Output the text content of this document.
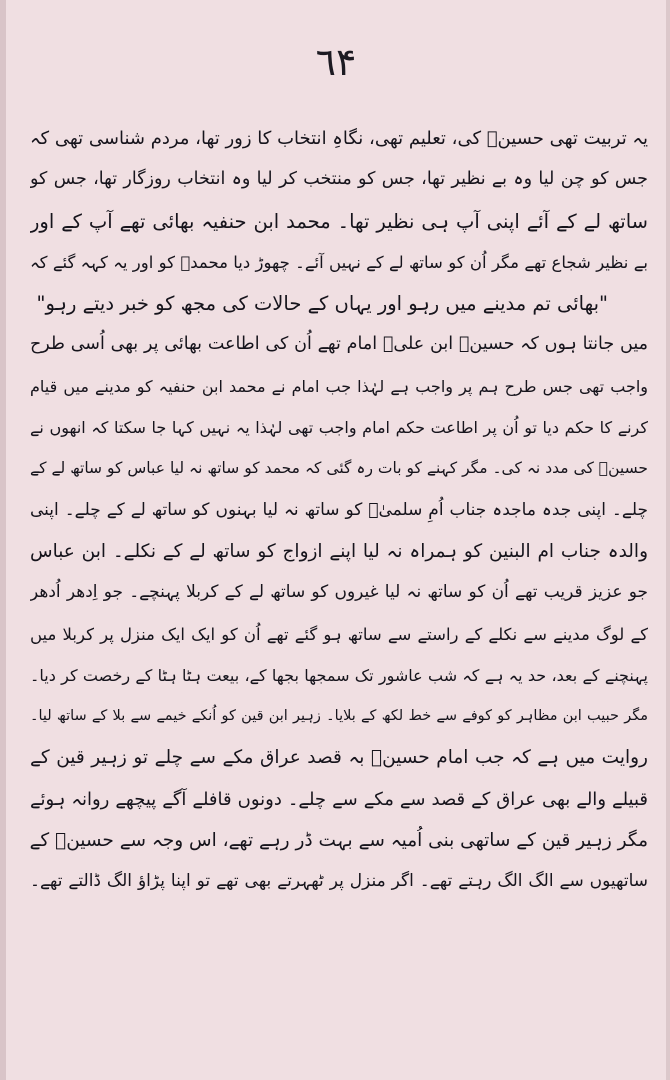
٦۴
یہ تربیت تھی حسینؑ کی، تعلیم تھی، نگاہِ انتخاب کا زور تھا، مردم شناسی تھی کہ
جس کو چن لیا وہ بے نظیر تھا، جس کو منتخب کر لیا وہ انتخاب روزگار تھا، جس کو
ساتھ لے کے آئے اپنی آپ ہی نظیر تھا۔ محمد ابن حنفیہ بھائی تھے آپ کے اور
بے نظیر شجاع تھے مگر اُن کو ساتھ لے کے نہیں آئے۔ چھوڑ دیا محمدؐ کو اور یہ کہہ گئے کہ
"بھائی تم مدینے میں رہو اور یہاں کے حالات کی مجھ کو خبر دیتے رہو"
میں جانتا ہوں کہ حسینؑ ابن علیؑ امام تھے اُن کی اطاعت بھائی پر بھی اُسی طرح
واجب تھی جس طرح ہم پر واجب ہے لہٰذا جب امام نے محمد ابن حنفیہ کو مدینے میں قیام
کرنے کا حکم دیا تو اُن پر اطاعت حکم امام واجب تھی لہٰذا یہ نہیں کہا جا سکتا کہ انھوں نے
حسینؑ کی مدد نہ کی۔ مگر کہنے کو بات رہ گئی کہ محمد کو ساتھ نہ لیا عباس کو ساتھ لے کے
چلے۔ اپنی جدہ ماجدہ جناب اُمِ سلمیٰؑ کو ساتھ نہ لیا بہنوں کو ساتھ لے کے چلے۔ اپنی
والدہ جناب ام البنین کو ہمراہ نہ لیا اپنے ازواج کو ساتھ لے کے نکلے۔ ابن عباس
جو عزیز قریب تھے اُن کو ساتھ نہ لیا غیروں کو ساتھ لے کے کربلا پہنچے۔ جو اِدھر اُدھر
کے لوگ مدینے سے نکلے کے راستے سے ساتھ ہو گئے تھے اُن کو ایک ایک منزل پر کربلا میں
پہنچنے کے بعد، حد یہ ہے کہ شب عاشور تک سمجھا بجھا کے، بیعت ہٹا ہٹا کے رخصت کر دیا۔
مگر حبیب ابن مظاہر کو کوفے سے خط لکھ کے بلایا۔ زہیر ابن قین کو اُنکے خیمے سے بلا کے ساتھ لیا۔
روایت میں ہے کہ جب امام حسینؑ بہ قصد عراق مکے سے چلے تو زہیر قین کے
قبیلے والے بھی عراق کے قصد سے مکے سے چلے۔ دونوں قافلے آگے پیچھے روانہ ہوئے
مگر زہیر قین کے ساتھی بنی اُمیہ سے بہت ڈر رہے تھے، اس وجہ سے حسینؑ کے
ساتھیوں سے الگ الگ رہتے تھے۔ اگر منزل پر ٹھہرتے بھی تھے تو اپنا پڑاؤ الگ ڈالتے تھے۔
